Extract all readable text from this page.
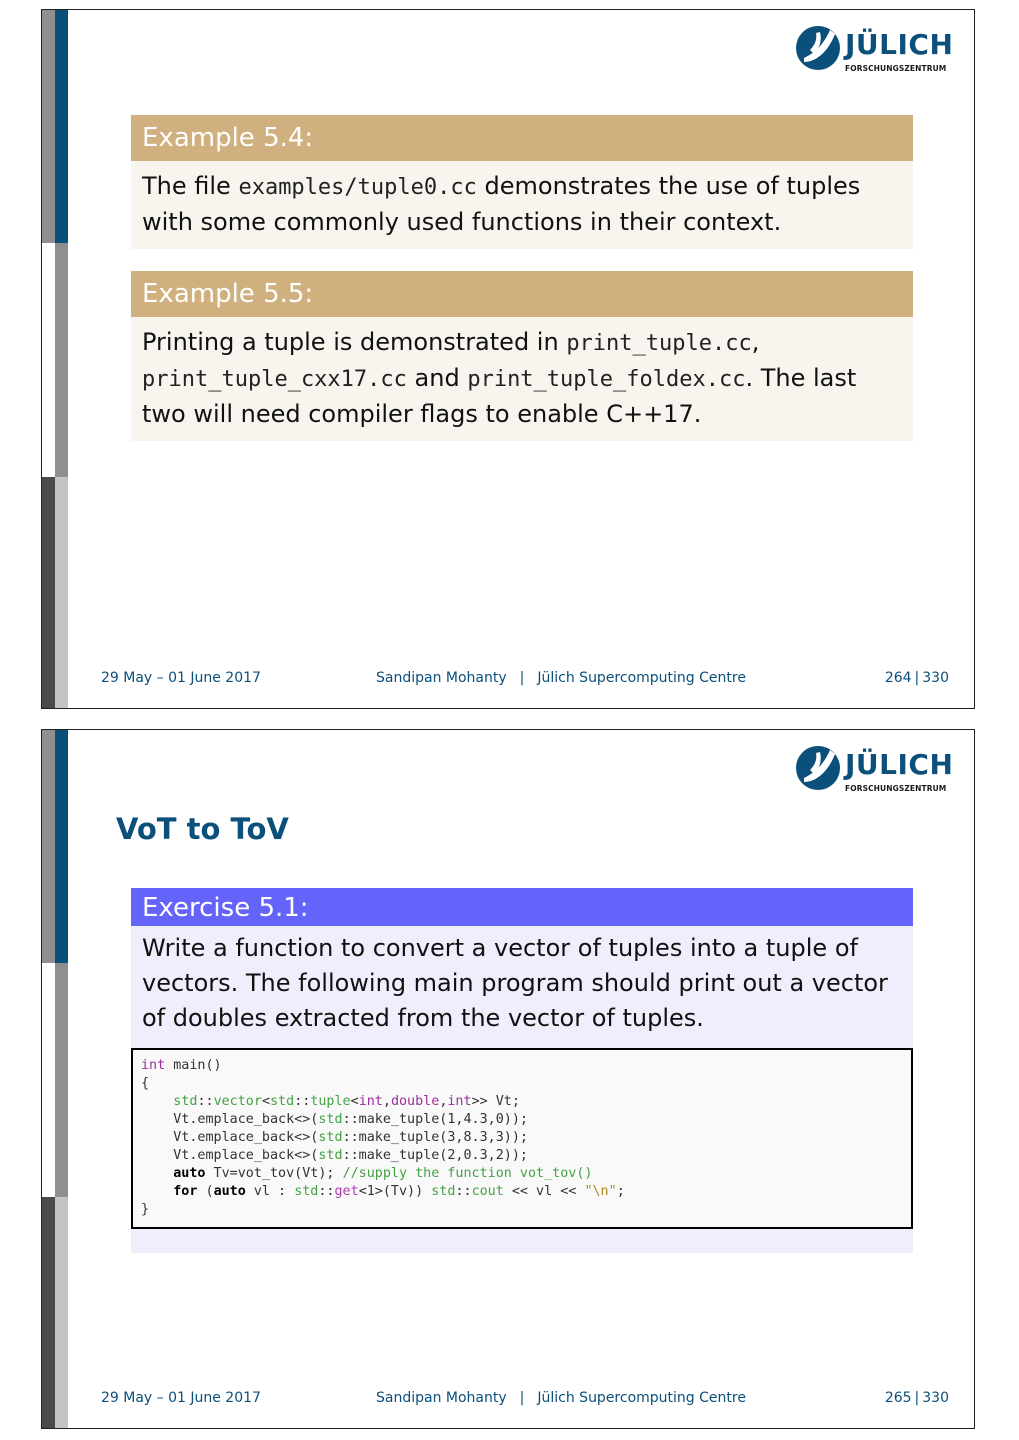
JÜLICH
FORSCHUNGSZENTRUM
Example 5.4:
The file examples/tuple0.cc demonstrates the use of tuples with some commonly used functions in their context.
Example 5.5:
Printing a tuple is demonstrated in print_tuple.cc, print_tuple_cxx17.cc and print_tuple_foldex.cc. The last two will need compiler flags to enable C++17.
29 May – 01 June 2017	Sandipan Mohanty | Jülich Supercomputing Centre	264 | 330
JÜLICH
FORSCHUNGSZENTRUM
VoT to ToV
Exercise 5.1:
Write a function to convert a vector of tuples into a tuple of vectors. The following main program should print out a vector of doubles extracted from the vector of tuples.
int main()
{
std::vector<std::tuple<int,double,int>> Vt;
Vt.emplace_back<>(std::make_tuple(1,4.3,0));
Vt.emplace_back<>(std::make_tuple(3,8.3,3));
Vt.emplace_back<>(std::make_tuple(2,0.3,2));
auto Tv=vot_tov(Vt); //supply the function vot_tov()
for (auto vl : std::get<1>(Tv)) std::cout << vl << "\n";
}
29 May – 01 June 2017	Sandipan Mohanty | Jülich Supercomputing Centre	265 | 330
